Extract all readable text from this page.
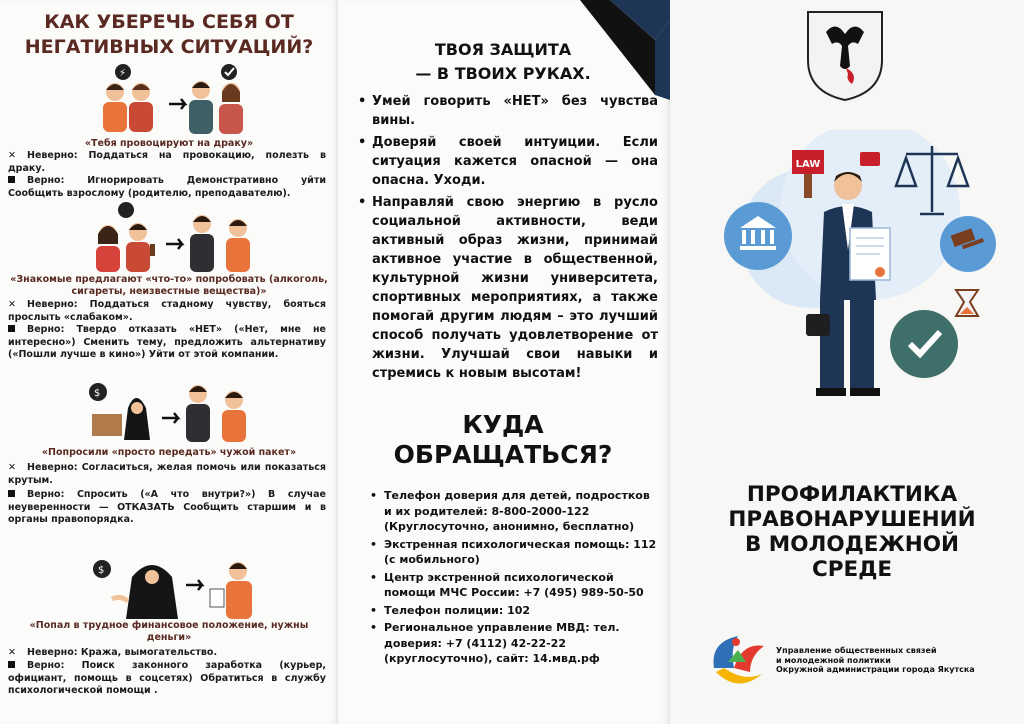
КАК УБЕРЕЧЬ СЕБЯ ОТ НЕГАТИВНЫХ СИТУАЦИЙ?
⚡
«Тебя провоцируют на драку»
✕ Неверно: Поддаться на провокацию, полезть в драку.
Верно: Игнорировать Демонстративно уйти Сообщить взрослому (родителю, преподавателю).
«Знакомые предлагают «что-то» попробовать (алкоголь, сигареты, неизвестные вещества)»
✕ Неверно: Поддаться стадному чувству, бояться прослыть «слабаком».
Верно: Твердо отказать «НЕТ» («Нет, мне не интересно») Сменить тему, предложить альтернативу («Пошли лучше в кино») Уйти от этой компании.
$
«Попросили «просто передать» чужой пакет»
✕ Неверно: Согласиться, желая помочь или показаться крутым.
Верно: Спросить («А что внутри?») В случае неуверенности — ОТКАЗАТЬ Сообщить старшим и в органы правопорядка.
$
«Попал в трудное финансовое положение, нужны деньги»
✕ Неверно: Кража, вымогательство.
Верно: Поиск законного заработка (курьер, официант, помощь в соцсетях) Обратиться в службу психологической помощи .
ТВОЯ ЗАЩИТА
— В ТВОИХ РУКАХ.
• Умей говорить «НЕТ» без чувства вины.
• Доверяй своей интуиции. Если ситуация кажется опасной — она опасна. Уходи.
• Направляй свою энергию в русло социальной активности, веди активный образ жизни, принимай активное участие в общественной, культурной жизни университета, спортивных мероприятиях, а также помогай другим людям – это лучший способ получать удовлетворение от жизни. Улучшай свои навыки и стремись к новым высотам!
КУДА
ОБРАЩАТЬСЯ?
• Телефон доверия для детей, подростков и их родителей: 8-800-2000-122 (Круглосуточно, анонимно, бесплатно)
• Экстренная психологическая помощь: 112 (с мобильного)
• Центр экстренной психологической помощи МЧС России: +7 (495) 989-50-50
• Телефон полиции: 102
• Региональное управление МВД: тел. доверия: +7 (4112) 42-22-22 (круглосуточно), сайт: 14.мвд.рф
LAW
ПРОФИЛАКТИКА
ПРАВОНАРУШЕНИЙ
В МОЛОДЕЖНОЙ
СРЕДЕ
Управление общественных связей
и молодежной политики
Окружной администрации города Якутска
